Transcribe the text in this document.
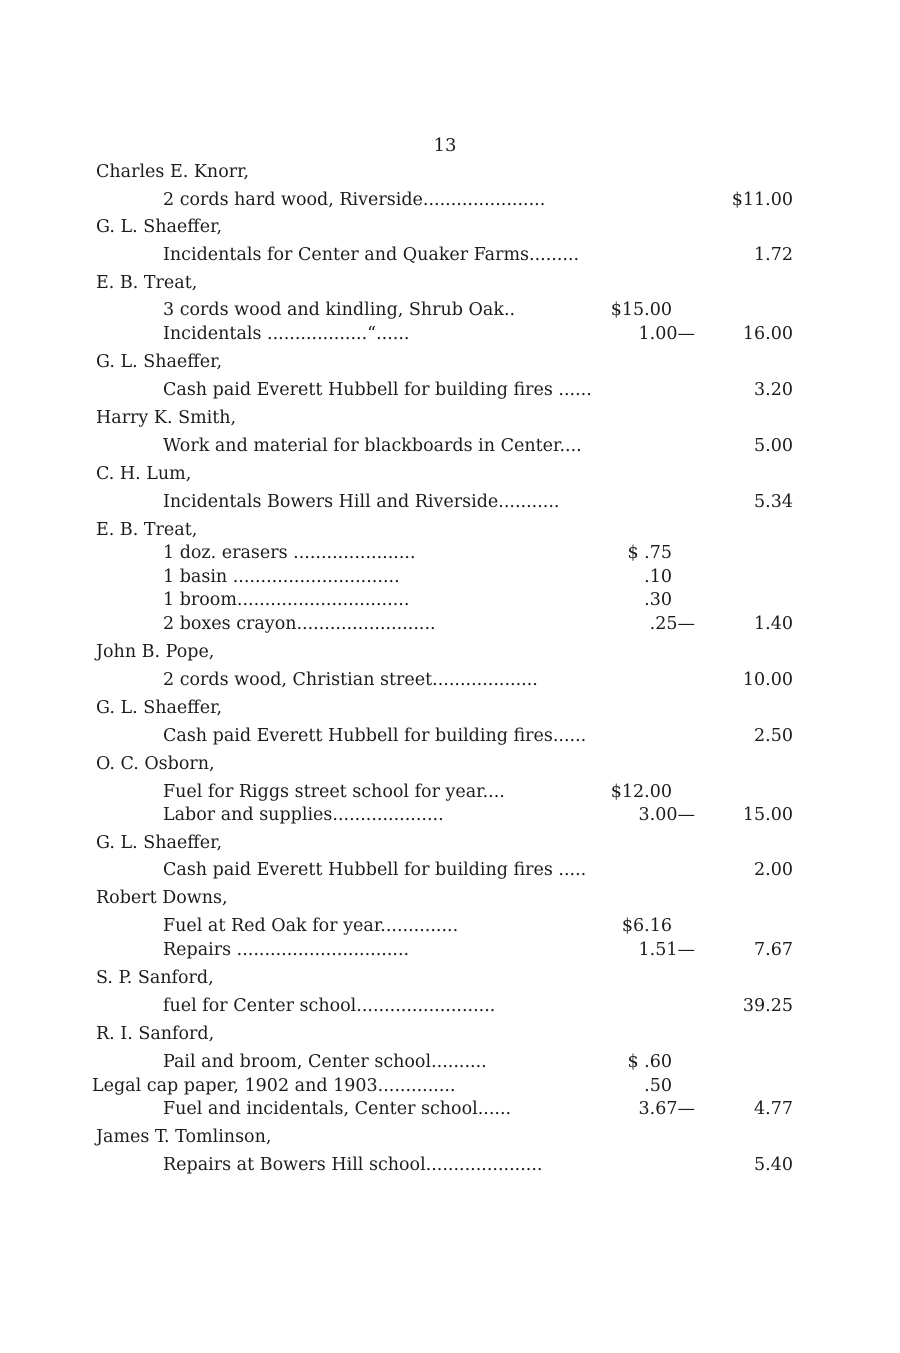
13
Charles E. Knorr,
2 cords hard wood, Riverside......................	$11.00
G. L. Shaeffer,
Incidentals for Center and Quaker Farms.........	1.72
E. B. Treat,
3 cords wood and kindling, Shrub Oak..	$15.00
Incidentals ..................“......	1.00—	16.00
G. L. Shaeffer,
Cash paid Everett Hubbell for building fires ......	3.20
Harry K. Smith,
Work and material for blackboards in Center....	5.00
C. H. Lum,
Incidentals Bowers Hill and Riverside...........	5.34
E. B. Treat,
1 doz. erasers ......................	$ .75
1 basin ..............................	.10
1 broom...............................	.30
2 boxes crayon.........................	.25—	1.40
John B. Pope,
2 cords wood, Christian street...................	10.00
G. L. Shaeffer,
Cash paid Everett Hubbell for building fires......	2.50
O. C. Osborn,
Fuel for Riggs street school for year....	$12.00
Labor and supplies....................	3.00—	15.00
G. L. Shaeffer,
Cash paid Everett Hubbell for building fires .....	2.00
Robert Downs,
Fuel at Red Oak for year..............	$6.16
Repairs ...............................	1.51—	7.67
S. P. Sanford,
fuel for Center school.........................	39.25
R. I. Sanford,
Pail and broom, Center school..........	$ .60
Legal cap paper, 1902 and 1903..............	.50
Fuel and incidentals, Center school......	3.67—	4.77
James T. Tomlinson,
Repairs at Bowers Hill school.....................	5.40
